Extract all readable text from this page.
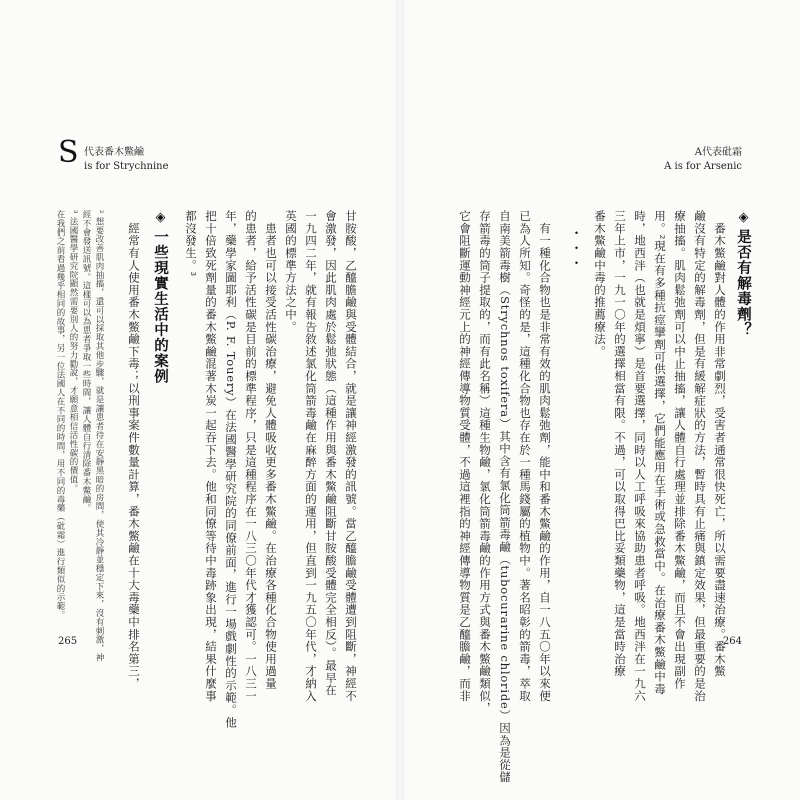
S 代表番木鱉鹼
is for Strychnine
A代表砒霜
A is for Arsenic
◈是否有解毒劑？
　番木鱉鹼對人體的作用非常劇烈，受害者通常很快死亡，所以需要盡速治療。番木鱉
鹼沒有特定的解毒劑，但是有緩解症狀的方法，暫時具有止痛與鎮定效果，但最重要的是治
療抽搐。肌肉鬆弛劑可以中止抽搐，讓人體自行處理並排除番木鱉鹼，而且不會出現副作
用。²現在有多種抗痙攣劑可供選擇，它們能應用在手術或急救當中。在治療番木鱉鹼中毒
時，地西泮（也就是煩寧）是首要選擇，同時以人工呼吸來協助患者呼吸。地西泮在一九六
三年上市，一九一〇年的選擇相當有限。不過，可以取得巴比妥類藥物，這是當時治療
番木鱉鹼中毒的推薦療法。
・・・
　有一種化合物也是非常有效的肌肉鬆弛劑，能中和番木鱉鹼的作用，自一八五〇年以來便
已為人所知。奇怪的是，這種化合物也存在於一種馬錢屬的植物中。著名昭彰的箭毒，萃取
自南美箭毒樹（Strychnos toxifera）其中含有氯化筒箭毒鹼（tubocurarine chloride）因為是從儲
存箭毒的筒子提取的，而有此名稱）這種生物鹼，氯化筒箭毒鹼的作用方式與番木鱉鹼類似，
它會阻斷運動神經元上的神經傳導物質受體，不過這裡指的神經傳導物質是乙醯膽鹼，而非
甘胺酸，乙醯膽鹼與受體結合，就是讓神經激發的訊號。當乙醯膽鹼受體遭到阻斷，神經不
會激發，因此肌肉處於鬆弛狀態（這種作用與番木鱉鹼阻斷甘胺酸受體完全相反）。最早在
一九四二年，就有報告敘述氯化筒箭毒鹼在麻醉方面的運用，但直到一九五〇年代，才納入
英國的標準方法之中。
　患者也可以接受活性碳治療，避免人體吸收更多番木鱉鹼。在治療各種化合物使用過量
的患者，給予活性碳是目前的標準程序，只是這種程序在一八三〇年代才獲認可。一八三一
年，藥學家圖耶利（P. F. Touery）在法國醫學研究院的同僚前面，進行一場戲劇性的示範。他
把十倍致死劑量的番木鱉鹼混著木炭一起吞下去。他和同僚等待中毒跡象出現，結果什麼事
都沒發生。³
◈一些現實生活中的案例
　經常有人使用番木鱉鹼下毒；以刑事案件數量計算，番木鱉鹼在十大毒藥中排名第三，
² 想要改善肌肉抽搐，還可以採取其他步驟，就是讓患者待在安靜黑暗的房間，使其冷靜並穩定下來，沒有刺激，神
經不會發送訊號。這樣可以為患者爭取一些時間，讓人體自行清除番木鱉鹼。
³ 法國醫學研究院顯然需要別人的努力勸說，才願意相信活性碳的價值。
在我們之前看過幾乎相同的故事，另一位法國人在不同的時間，用不同的毒藥（砒霜）進行類似的示範。
265	264
